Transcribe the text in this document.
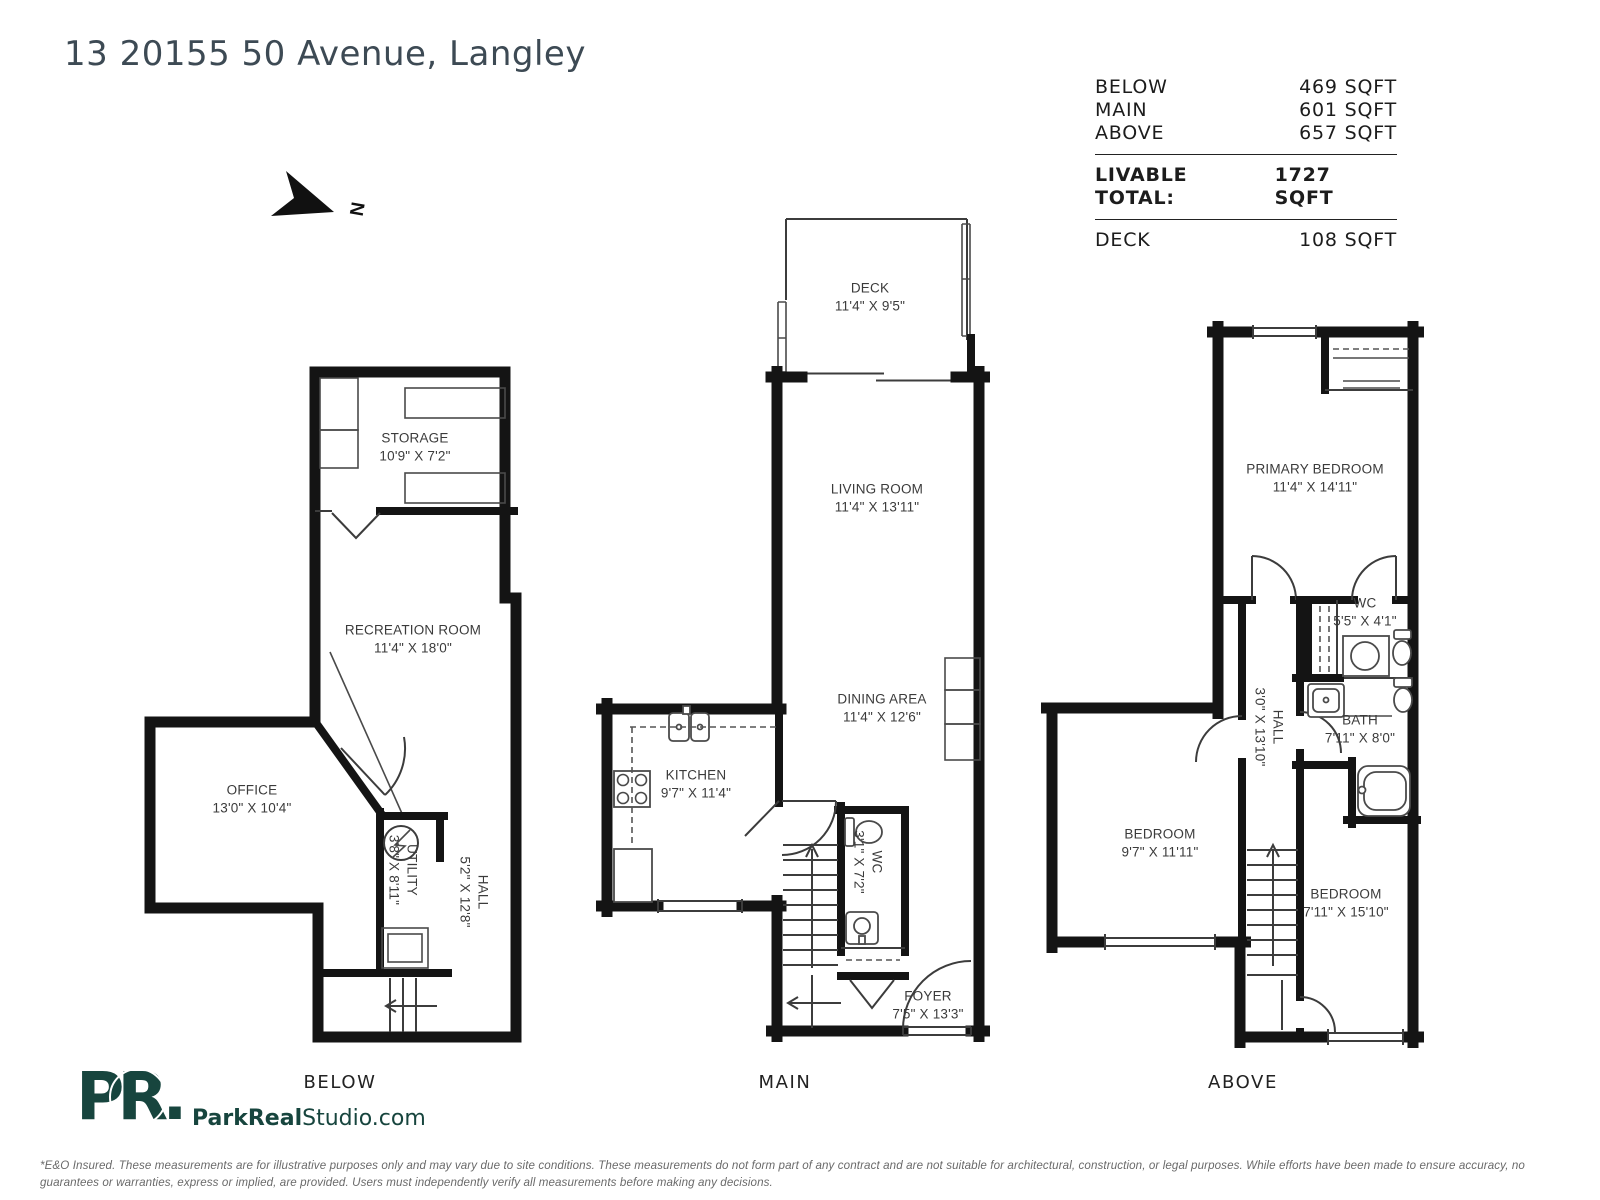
13 20155 50 Avenue, Langley
BELOW	469 SQFT
MAIN	601 SQFT
ABOVE	657 SQFT
LIVABLE TOTAL:
1727 SQFT
DECK	108 SQFT
N
STORAGE
10'9" X 7'2"
RECREATION ROOM
11'4" X 18'0"
OFFICE
13'0" X 10'4"
UTILITY
3'8" X 8'11"	HALL
5'2" X 12'8"
DECK
11'4" X 9'5"
LIVING ROOM
11'4" X 13'11"
DINING AREA
11'4" X 12'6"
KITCHEN
9'7" X 11'4"
WC
3'1" X 7'2"
FOYER
7'5" X 13'3"
PRIMARY BEDROOM
11'4" X 14'11"
WC
5'5" X 4'1"
BATH
7'11" X 8'0"
HALL
3'0" X 13'10"
BEDROOM
9'7" X 11'11"
BEDROOM
7'11" X 15'10"
BELOW	MAIN	ABOVE
PR. ParkRealStudio.com
*E&O Insured. These measurements are for illustrative purposes only and may vary due to site conditions. These measurements do not form part of any contract and are not suitable for architectural, construction, or legal purposes. While efforts have been made to ensure accuracy, no guarantees or warranties, express or implied, are provided. Users must independently verify all measurements before making any decisions.
